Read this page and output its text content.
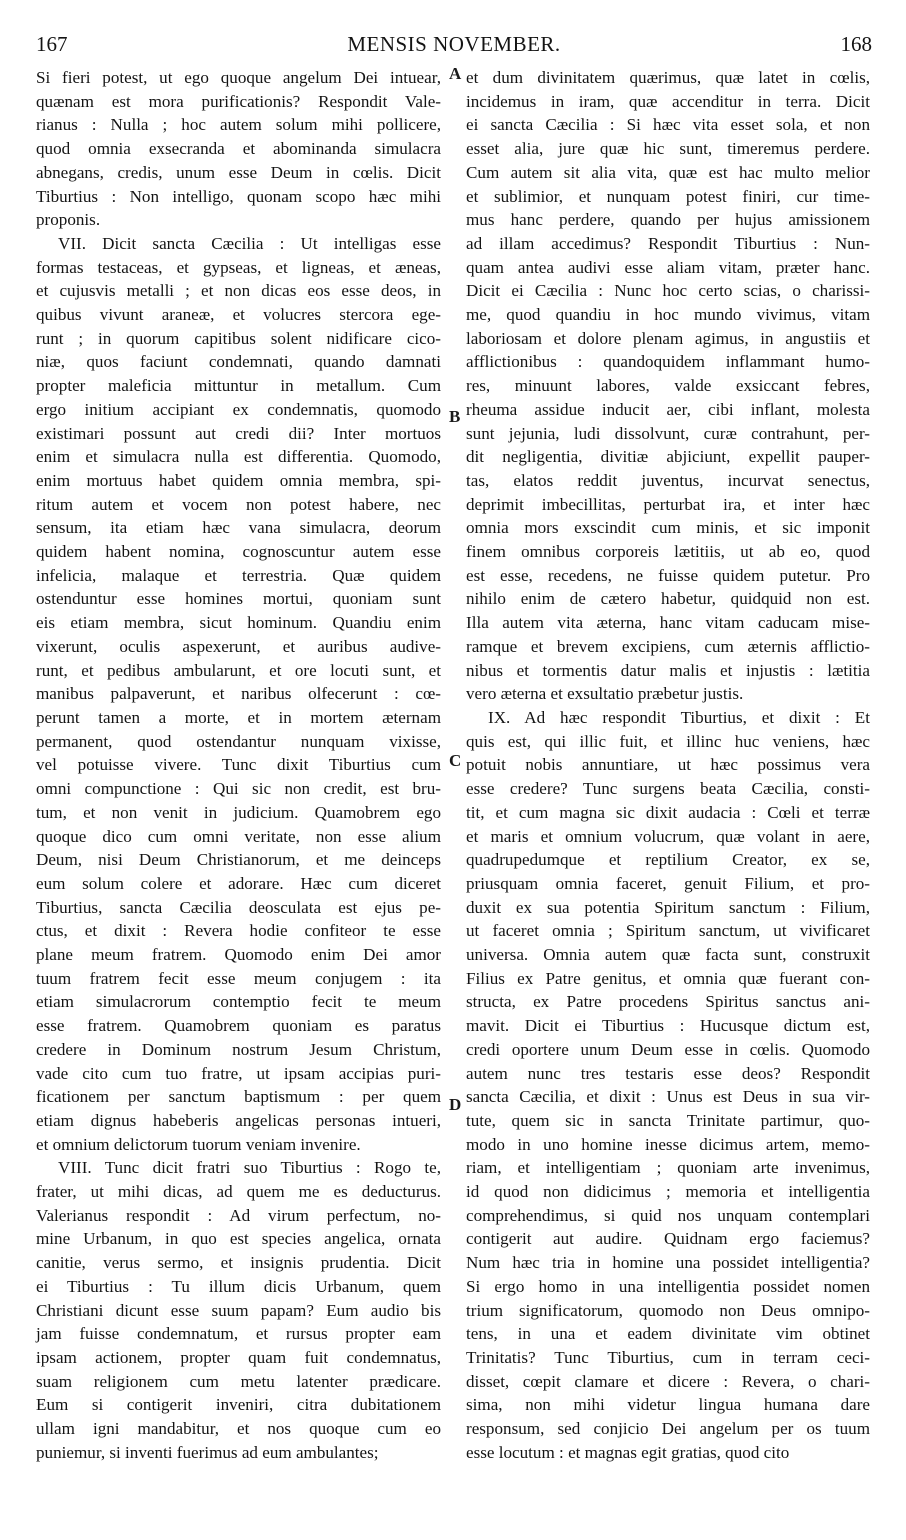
167	MENSIS NOVEMBER.	168
Si fieri potest, ut ego quoque angelum Dei intuear,
quænam est mora purificationis? Respondit Vale-
rianus : Nulla ; hoc autem solum mihi pollicere,
quod omnia exsecranda et abominanda simulacra
abnegans, credis, unum esse Deum in cœlis. Dicit
Tiburtius : Non intelligo, quonam scopo hæc mihi
proponis.
VII. Dicit sancta Cæcilia : Ut intelligas esse
formas testaceas, et gypseas, et ligneas, et æneas,
et cujusvis metalli ; et non dicas eos esse deos, in
quibus vivunt araneæ, et volucres stercora ege-
runt ; in quorum capitibus solent nidificare cico-
niæ, quos faciunt condemnati, quando damnati
propter maleficia mittuntur in metallum. Cum
ergo initium accipiant ex condemnatis, quomodo
existimari possunt aut credi dii? Inter mortuos
enim et simulacra nulla est differentia. Quomodo,
enim mortuus habet quidem omnia membra, spi-
ritum autem et vocem non potest habere, nec
sensum, ita etiam hæc vana simulacra, deorum
quidem habent nomina, cognoscuntur autem esse
infelicia, malaque et terrestria. Quæ quidem
ostenduntur esse homines mortui, quoniam sunt
eis etiam membra, sicut hominum. Quandiu enim
vixerunt, oculis aspexerunt, et auribus audive-
runt, et pedibus ambularunt, et ore locuti sunt, et
manibus palpaverunt, et naribus olfecerunt : cœ-
perunt tamen a morte, et in mortem æternam
permanent, quod ostendantur nunquam vixisse,
vel potuisse vivere. Tunc dixit Tiburtius cum
omni compunctione : Qui sic non credit, est bru-
tum, et non venit in judicium. Quamobrem ego
quoque dico cum omni veritate, non esse alium
Deum, nisi Deum Christianorum, et me deinceps
eum solum colere et adorare. Hæc cum diceret
Tiburtius, sancta Cæcilia deosculata est ejus pe-
ctus, et dixit : Revera hodie confiteor te esse
plane meum fratrem. Quomodo enim Dei amor
tuum fratrem fecit esse meum conjugem : ita
etiam simulacrorum contemptio fecit te meum
esse fratrem. Quamobrem quoniam es paratus
credere in Dominum nostrum Jesum Christum,
vade cito cum tuo fratre, ut ipsam accipias puri-
ficationem per sanctum baptismum : per quem
etiam dignus habeberis angelicas personas intueri,
et omnium delictorum tuorum veniam invenire.
VIII. Tunc dicit fratri suo Tiburtius : Rogo te,
frater, ut mihi dicas, ad quem me es deducturus.
Valerianus respondit : Ad virum perfectum, no-
mine Urbanum, in quo est species angelica, ornata
canitie, verus sermo, et insignis prudentia. Dicit
ei Tiburtius : Tu illum dicis Urbanum, quem
Christiani dicunt esse suum papam? Eum audio bis
jam fuisse condemnatum, et rursus propter eam
ipsam actionem, propter quam fuit condemnatus,
suam religionem cum metu latenter prædicare.
Eum si contigerit inveniri, citra dubitationem
ullam igni mandabitur, et nos quoque cum eo
puniemur, si inventi fuerimus ad eum ambulantes;
et dum divinitatem quærimus, quæ latet in cœlis,
incidemus in iram, quæ accenditur in terra. Dicit
ei sancta Cæcilia : Si hæc vita esset sola, et non
esset alia, jure quæ hic sunt, timeremus perdere.
Cum autem sit alia vita, quæ est hac multo melior
et sublimior, et nunquam potest finiri, cur time-
mus hanc perdere, quando per hujus amissionem
ad illam accedimus? Respondit Tiburtius : Nun-
quam antea audivi esse aliam vitam, præter hanc.
Dicit ei Cæcilia : Nunc hoc certo scias, o charissi-
me, quod quandiu in hoc mundo vivimus, vitam
laboriosam et dolore plenam agimus, in angustiis et
afflictionibus : quandoquidem inflammant humo-
res, minuunt labores, valde exsiccant febres,
rheuma assidue inducit aer, cibi inflant, molesta
sunt jejunia, ludi dissolvunt, curæ contrahunt, per-
dit negligentia, divitiæ abjiciunt, expellit pauper-
tas, elatos reddit juventus, incurvat senectus,
deprimit imbecillitas, perturbat ira, et inter hæc
omnia mors exscindit cum minis, et sic imponit
finem omnibus corporeis lætitiis, ut ab eo, quod
est esse, recedens, ne fuisse quidem putetur. Pro
nihilo enim de cætero habetur, quidquid non est.
Illa autem vita æterna, hanc vitam caducam mise-
ramque et brevem excipiens, cum æternis afflictio-
nibus et tormentis datur malis et injustis : lætitia
vero æterna et exsultatio præbetur justis.
IX. Ad hæc respondit Tiburtius, et dixit : Et
quis est, qui illic fuit, et illinc huc veniens, hæc
potuit nobis annuntiare, ut hæc possimus vera
esse credere? Tunc surgens beata Cæcilia, consti-
tit, et cum magna sic dixit audacia : Cœli et terræ
et maris et omnium volucrum, quæ volant in aere,
quadrupedumque et reptilium Creator, ex se,
priusquam omnia faceret, genuit Filium, et pro-
duxit ex sua potentia Spiritum sanctum : Filium,
ut faceret omnia ; Spiritum sanctum, ut vivificaret
universa. Omnia autem quæ facta sunt, construxit
Filius ex Patre genitus, et omnia quæ fuerant con-
structa, ex Patre procedens Spiritus sanctus ani-
mavit. Dicit ei Tiburtius : Hucusque dictum est,
credi oportere unum Deum esse in cœlis. Quomodo
autem nunc tres testaris esse deos? Respondit
sancta Cæcilia, et dixit : Unus est Deus in sua vir-
tute, quem sic in sancta Trinitate partimur, quo-
modo in uno homine inesse dicimus artem, memo-
riam, et intelligentiam ; quoniam arte invenimus,
id quod non didicimus ; memoria et intelligentia
comprehendimus, si quid nos unquam contemplari
contigerit aut audire. Quidnam ergo faciemus?
Num hæc tria in homine una possidet intelligentia?
Si ergo homo in una intelligentia possidet nomen
trium significatorum, quomodo non Deus omnipo-
tens, in una et eadem divinitate vim obtinet
Trinitatis? Tunc Tiburtius, cum in terram ceci-
disset, cœpit clamare et dicere : Revera, o chari-
sima, non mihi videtur lingua humana dare
responsum, sed conjicio Dei angelum per os tuum
esse locutum : et magnas egit gratias, quod cito
A
B
C
D
